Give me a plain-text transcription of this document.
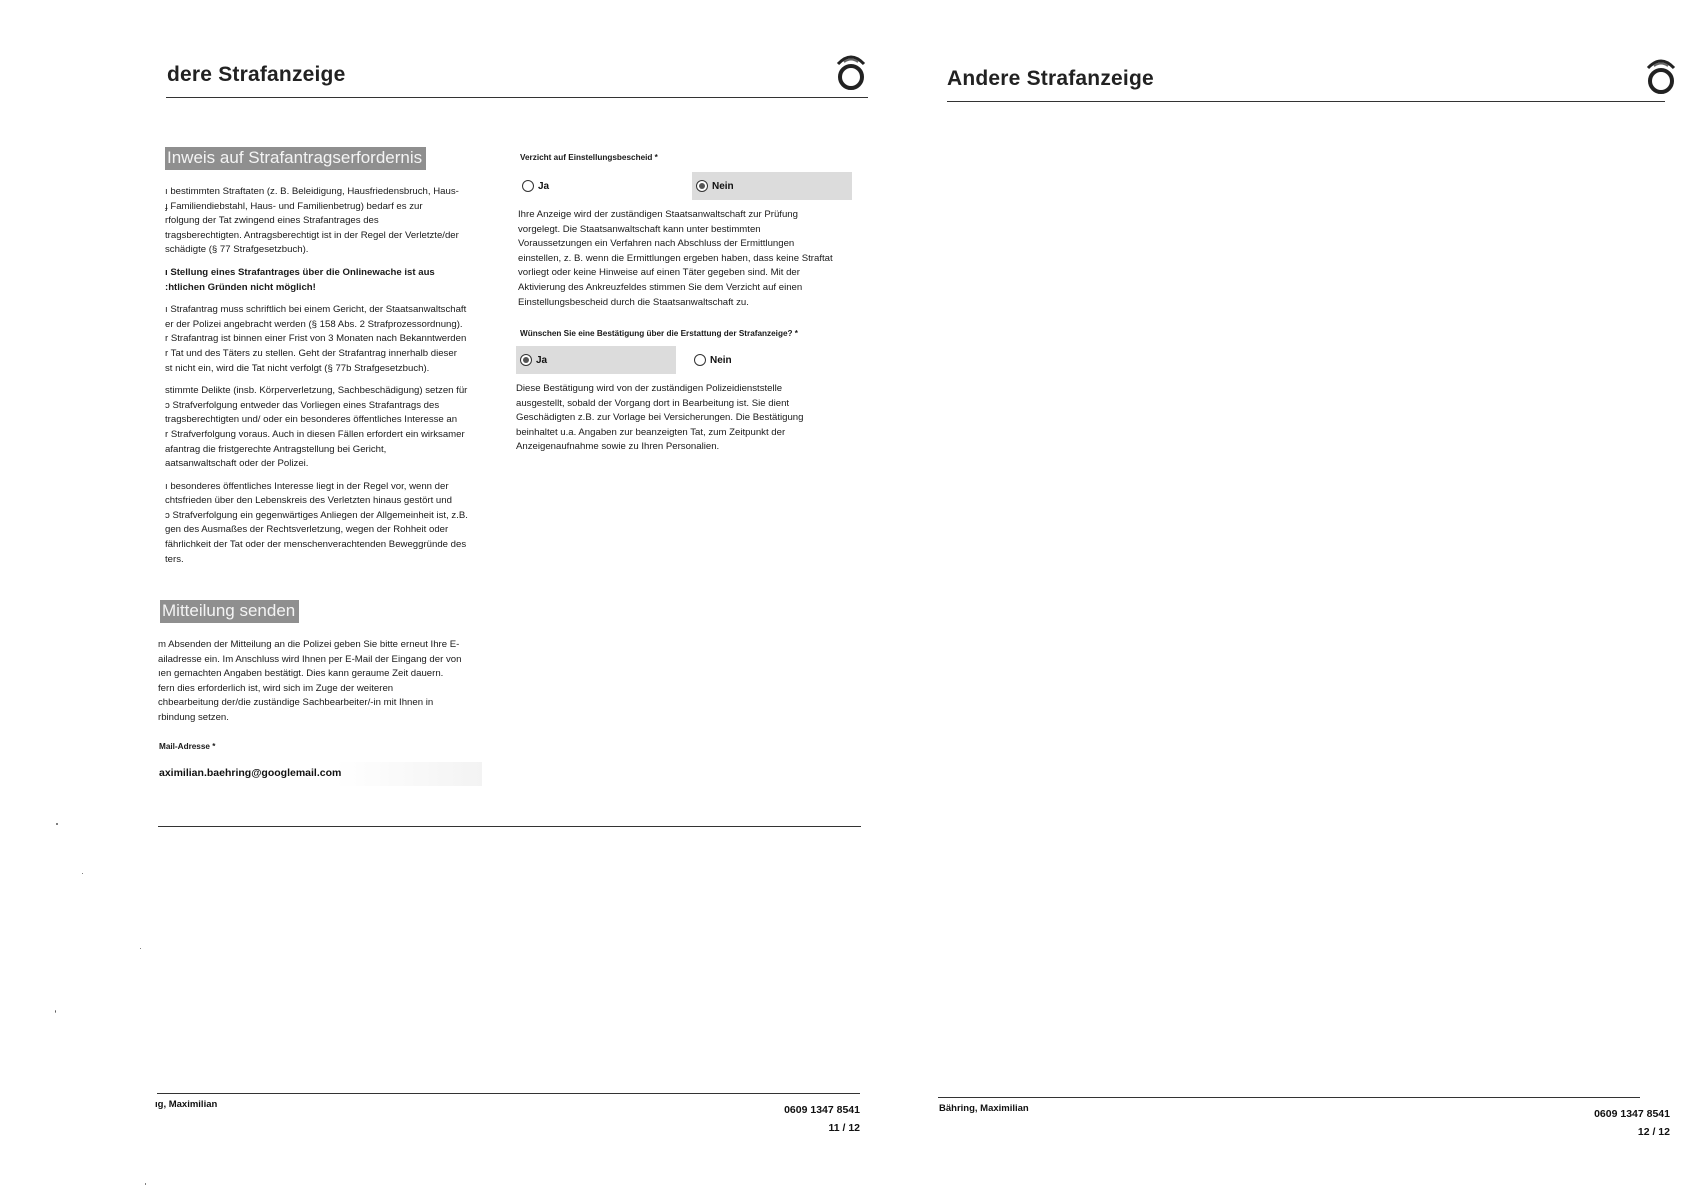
dere Strafanzeige
Inweis auf Strafantragserfordernis

ı bestimmten Straftaten (z. B. Beleidigung, Hausfriedensbruch, Haus-
ɟ Familiendiebstahl, Haus- und Familienbetrug) bedarf es zur
rfolgung der Tat zwingend eines Strafantrages des
tragsberechtigten. Antragsberechtigt ist in der Regel der Verletzte/der
schädigte (§ 77 Strafgesetzbuch).

ı Stellung eines Strafantrages über die Onlinewache ist aus
:htlichen Gründen nicht möglich!

ı Strafantrag muss schriftlich bei einem Gericht, der Staatsanwaltschaft
er der Polizei angebracht werden (§ 158 Abs. 2 Strafprozessordnung).
r Strafantrag ist binnen einer Frist von 3 Monaten nach Bekanntwerden
r Tat und des Täters zu stellen. Geht der Strafantrag innerhalb dieser
st nicht ein, wird die Tat nicht verfolgt (§ 77b Strafgesetzbuch).

stimmte Delikte (insb. Körperverletzung, Sachbeschädigung) setzen für
ɔ Strafverfolgung entweder das Vorliegen eines Strafantrags des
tragsberechtigten und/ oder ein besonderes öffentliches Interesse an
r Strafverfolgung voraus. Auch in diesen Fällen erfordert ein wirksamer
afantrag die fristgerechte Antragstellung bei Gericht,
aatsanwaltschaft oder der Polizei.

ı besonderes öffentliches Interesse liegt in der Regel vor, wenn der
chtsfrieden über den Lebenskreis des Verletzten hinaus gestört und
ɔ Strafverfolgung ein gegenwärtiges Anliegen der Allgemeinheit ist, z.B.
gen des Ausmaßes der Rechtsverletzung, wegen der Rohheit oder
fährlichkeit der Tat oder der menschenverachtenden Beweggründe des
ters.

Mitteilung senden

m Absenden der Mitteilung an die Polizei geben Sie bitte erneut Ihre E-
ailadresse ein. Im Anschluss wird Ihnen per E-Mail der Eingang der von
ıen gemachten Angaben bestätigt. Dies kann geraume Zeit dauern.
fern dies erforderlich ist, wird sich im Zuge der weiteren
chbearbeitung der/die zuständige Sachbearbeiter/-in mit Ihnen in
rbindung setzen.

Mail-Adresse *
aximilian.baehring@googlemail.com
Verzicht auf Einstellungsbescheid *
Ja	Nein

Ihre Anzeige wird der zuständigen Staatsanwaltschaft zur Prüfung
vorgelegt. Die Staatsanwaltschaft kann unter bestimmten
Voraussetzungen ein Verfahren nach Abschluss der Ermittlungen
einstellen, z. B. wenn die Ermittlungen ergeben haben, dass keine Straftat
vorliegt oder keine Hinweise auf einen Täter gegeben sind. Mit der
Aktivierung des Ankreuzfeldes stimmen Sie dem Verzicht auf einen
Einstellungsbescheid durch die Staatsanwaltschaft zu.

Wünschen Sie eine Bestätigung über die Erstattung der Strafanzeige? *
Ja	Nein

Diese Bestätigung wird von der zuständigen Polizeidienststelle
ausgestellt, sobald der Vorgang dort in Bearbeitung ist. Sie dient
Geschädigten z.B. zur Vorlage bei Versicherungen. Die Bestätigung
beinhaltet u.a. Angaben zur beanzeigten Tat, zum Zeitpunkt der
Anzeigenaufnahme sowie zu Ihren Personalien.

ıg, Maximilian	0609 1347 8541
11 / 12
Andere Strafanzeige
Bähring, Maximilian	0609 1347 8541
12 / 12
